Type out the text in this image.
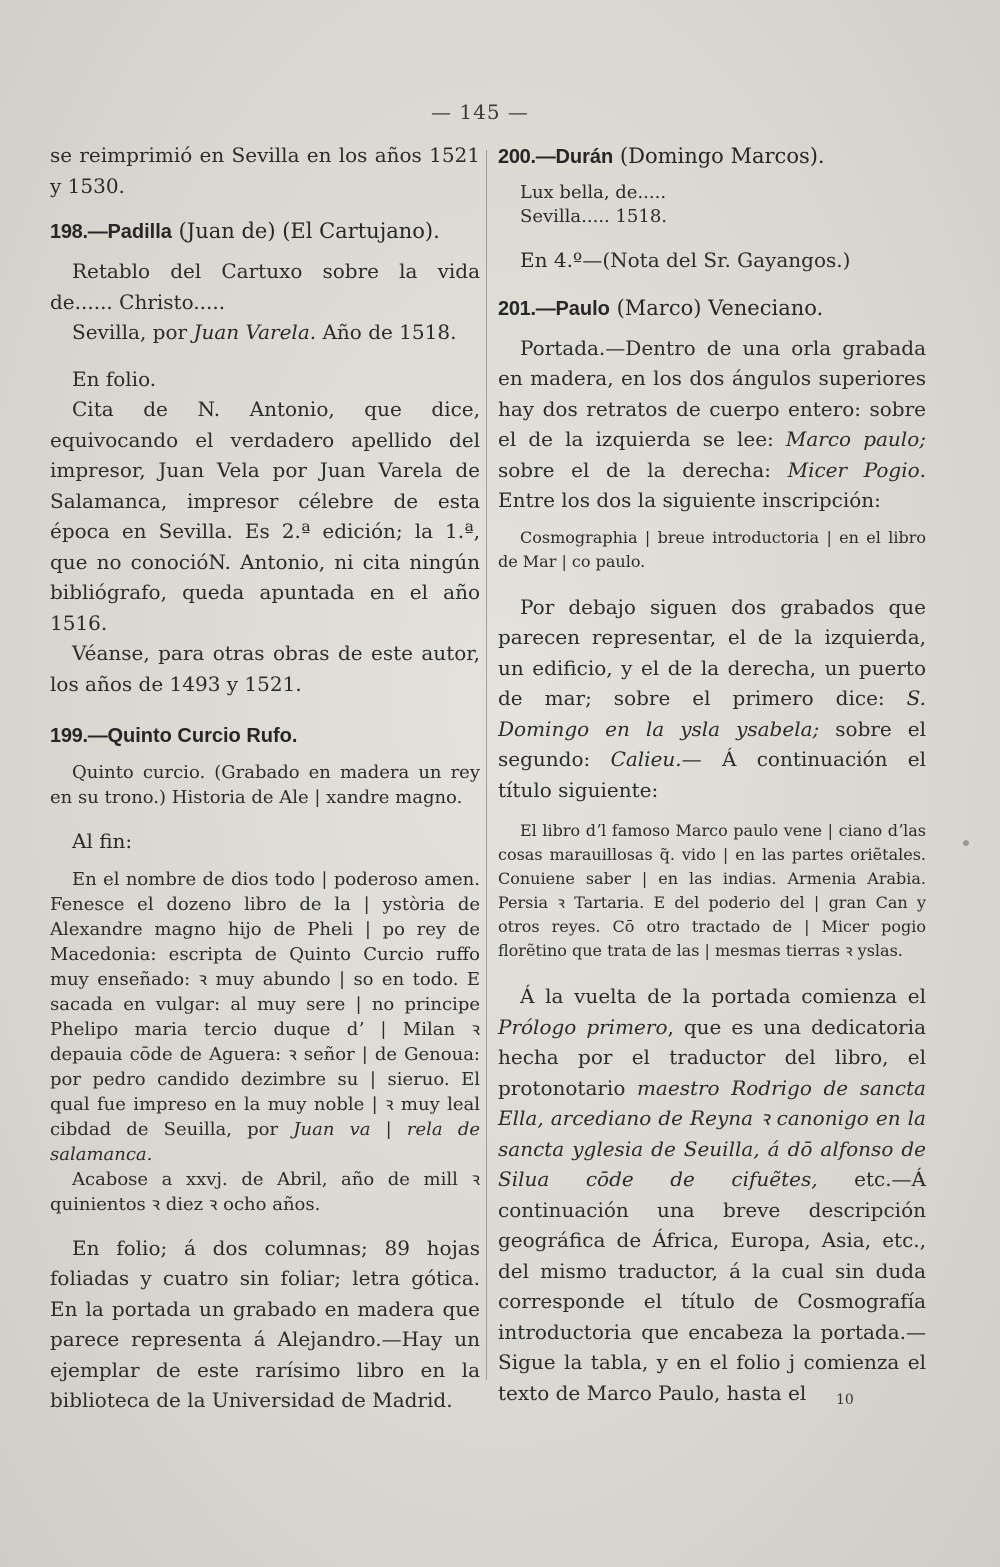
— 145 —

se reimprimió en Sevilla en los años 1521 y 1530.

198.—Padilla (Juan de) (El Cartujano).

Retablo del Cartuxo sobre la vida de...... Christo.....

Sevilla, por Juan Varela. Año de 1518.

En folio.

Cita de N. Antonio, que dice, equivocando el verdadero apellido del impresor, Juan Vela por Juan Varela de Salamanca, impresor célebre de esta época en Sevilla. Es 2.ª edición; la 1.ª, que no conocióN. Antonio, ni cita ningún bibliógrafo, queda apuntada en el año 1516.

Véanse, para otras obras de este autor, los años de 1493 y 1521.

199.—Quinto Curcio Rufo.

Quinto curcio. (Grabado en madera un rey en su trono.) Historia de Ale | xandre magno.

Al fin:

En el nombre de dios todo | poderoso amen. Fenesce el dozeno libro de la | ystòria de Alexandre magno hijo de Pheli | po rey de Macedonia: escripta de Quinto Curcio ruffo muy enseñado: ꝛ muy abundo | so en todo. E sacada en vulgar: al muy sere | no principe Phelipo maria tercio duque dʼ | Milan ꝛ depauia cōde de Aguera: ꝛ señor | de Genoua: por pedro candido dezimbre su | sieruo. El qual fue impreso en la muy noble | ꝛ muy leal cibdad de Seuilla, por Juan va | rela de salamanca.

Acabose a xxvj. de Abril, año de mill ꝛ quinientos ꝛ diez ꝛ ocho años.

En folio; á dos columnas; 89 hojas foliadas y cuatro sin foliar; letra gótica. En la portada un grabado en madera que parece representa á Alejandro.—Hay un ejemplar de este rarísimo libro en la biblioteca de la Universidad de Madrid.

200.—Durán (Domingo Marcos).

Lux bella, de.....

Sevilla..... 1518.

En 4.º—(Nota del Sr. Gayangos.)

201.—Paulo (Marco) Veneciano.

Portada.—Dentro de una orla grabada en madera, en los dos ángulos superiores hay dos retratos de cuerpo entero: sobre el de la izquierda se lee: Marco paulo; sobre el de la derecha: Micer Pogio. Entre los dos la siguiente inscripción:

Cosmographia | breue introductoria | en el libro de Mar | co paulo.

Por debajo siguen dos grabados que parecen representar, el de la izquierda, un edificio, y el de la derecha, un puerto de mar; sobre el primero dice: S. Domingo en la ysla ysabela; sobre el segundo: Calieu.— Á continuación el título siguiente:

El libro dʼl famoso Marco paulo vene | ciano dʼlas cosas marauillosas q̃. vido | en las partes oriẽtales. Conuiene saber | en las indias. Armenia Arabia. Persia ꝛ Tartaria. E del poderio del | gran Can y otros reyes. Cō otro tractado de | Micer pogio florẽtino que trata de las | mesmas tierras ꝛ yslas.

Á la vuelta de la portada comienza el Prólogo primero, que es una dedicatoria hecha por el traductor del libro, el protonotario maestro Rodrigo de sancta Ella, arcediano de Reyna ꝛ canonigo en la sancta yglesia de Seuilla, á dō alfonso de Silua cōde de cifuẽtes, etc.—Á continuación una breve descripción geográfica de África, Europa, Asia, etc., del mismo traductor, á la cual sin duda corresponde el título de Cosmografía introductoria que encabeza la portada.—Sigue la tabla, y en el folio j comienza el texto de Marco Paulo, hasta el	10
